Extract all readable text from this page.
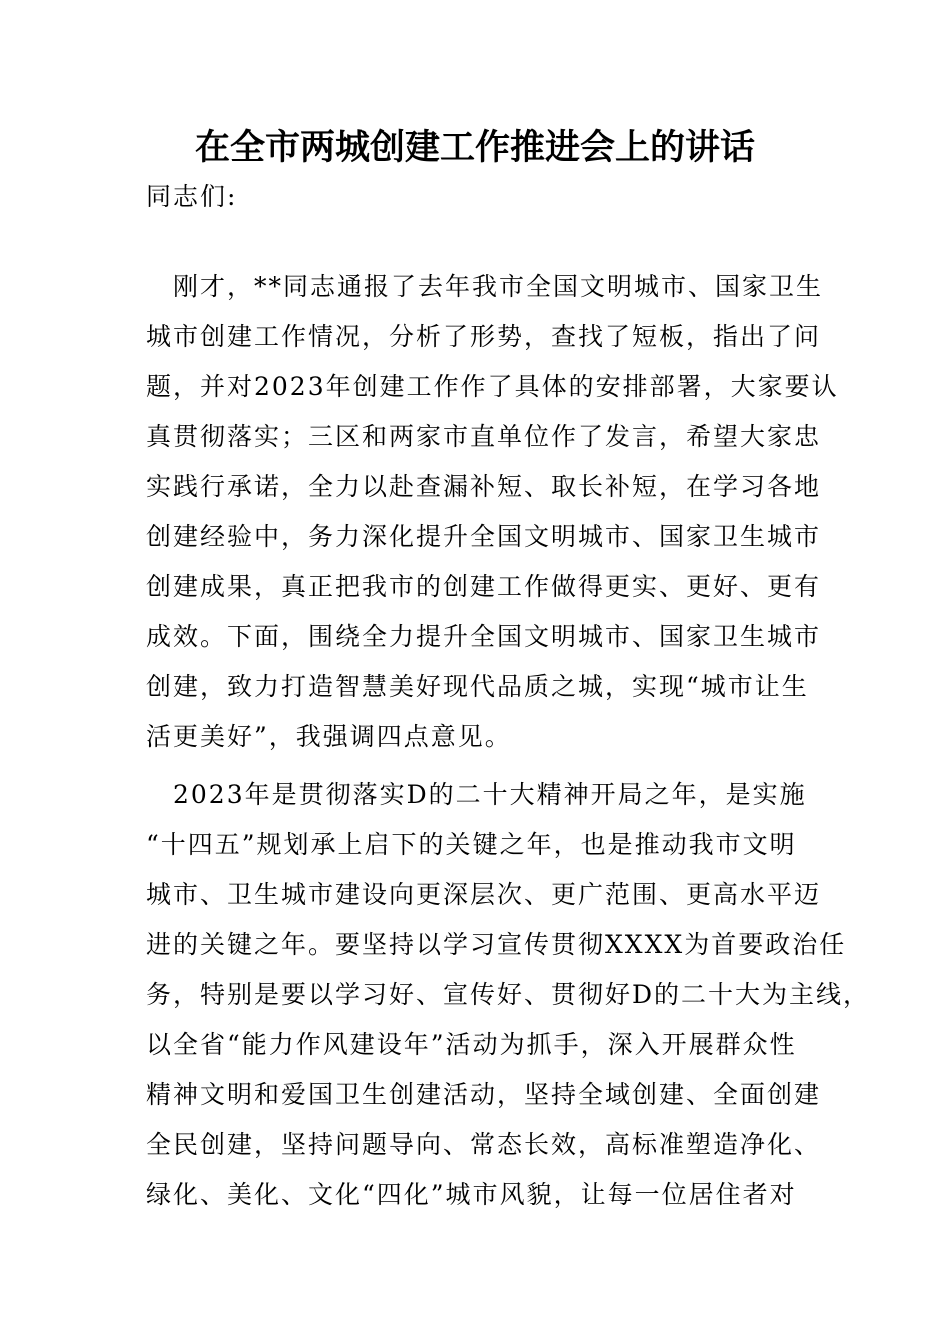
在全市两城创建工作推进会上的讲话
同志们:
　刚才，**同志通报了去年我市全国文明城市、国家卫生
城市创建工作情况，分析了形势，查找了短板，指出了问
题，并对2023年创建工作作了具体的安排部署，大家要认
真贯彻落实；三区和两家市直单位作了发言，希望大家忠
实践行承诺，全力以赴查漏补短、取长补短，在学习各地
创建经验中，务力深化提升全国文明城市、国家卫生城市
创建成果，真正把我市的创建工作做得更实、更好、更有
成效。下面，围绕全力提升全国文明城市、国家卫生城市
创建，致力打造智慧美好现代品质之城，实现“城市让生
活更美好”，我强调四点意见。
　2023年是贯彻落实D的二十大精神开局之年，是实施
“十四五”规划承上启下的关键之年，也是推动我市文明
城市、卫生城市建设向更深层次、更广范围、更高水平迈
进的关键之年。要坚持以学习宣传贯彻XXXX为首要政治任
务，特别是要以学习好、宣传好、贯彻好D的二十大为主线，
以全省“能力作风建设年”活动为抓手，深入开展群众性
精神文明和爱国卫生创建活动，坚持全域创建、全面创建
全民创建，坚持问题导向、常态长效，高标准塑造净化、
绿化、美化、文化“四化”城市风貌，让每一位居住者对
